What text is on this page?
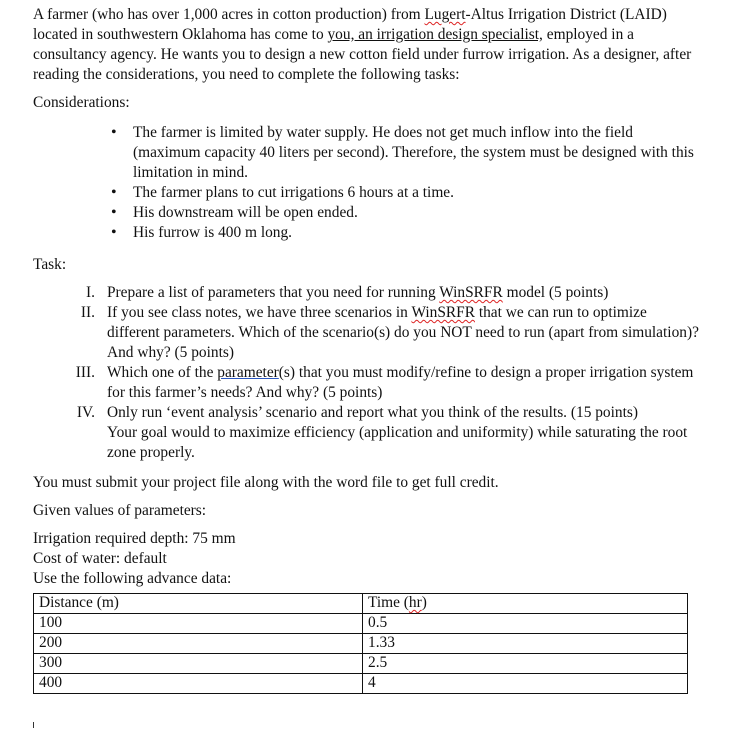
A farmer (who has over 1,000 acres in cotton production) from Lugert-Altus Irrigation District (LAID) located in southwestern Oklahoma has come to you, an irrigation design specialist, employed in a consultancy agency. He wants you to design a new cotton field under furrow irrigation. As a designer, after reading the considerations, you need to complete the following tasks:

Considerations:

• The farmer is limited by water supply. He does not get much inflow into the field (maximum capacity 40 liters per second). Therefore, the system must be designed with this limitation in mind.
• The farmer plans to cut irrigations 6 hours at a time.
• His downstream will be open ended.
• His furrow is 400 m long.

Task:

I. Prepare a list of parameters that you need for running WinSRFR model (5 points)
II. If you see class notes, we have three scenarios in WinSRFR that we can run to optimize different parameters. Which of the scenario(s) do you NOT need to run (apart from simulation)? And why? (5 points)
III. Which one of the parameter(s) that you must modify/refine to design a proper irrigation system for this farmer’s needs? And why? (5 points)
IV. Only run ‘event analysis’ scenario and report what you think of the results. (15 points)
Your goal would to maximize efficiency (application and uniformity) while saturating the root zone properly.

You must submit your project file along with the word file to get full credit.

Given values of parameters:

Irrigation required depth: 75 mm

Cost of water: default

Use the following advance data:

Distance (m)	Time (hr)
100	0.5
200	1.33
300	2.5
400	4
